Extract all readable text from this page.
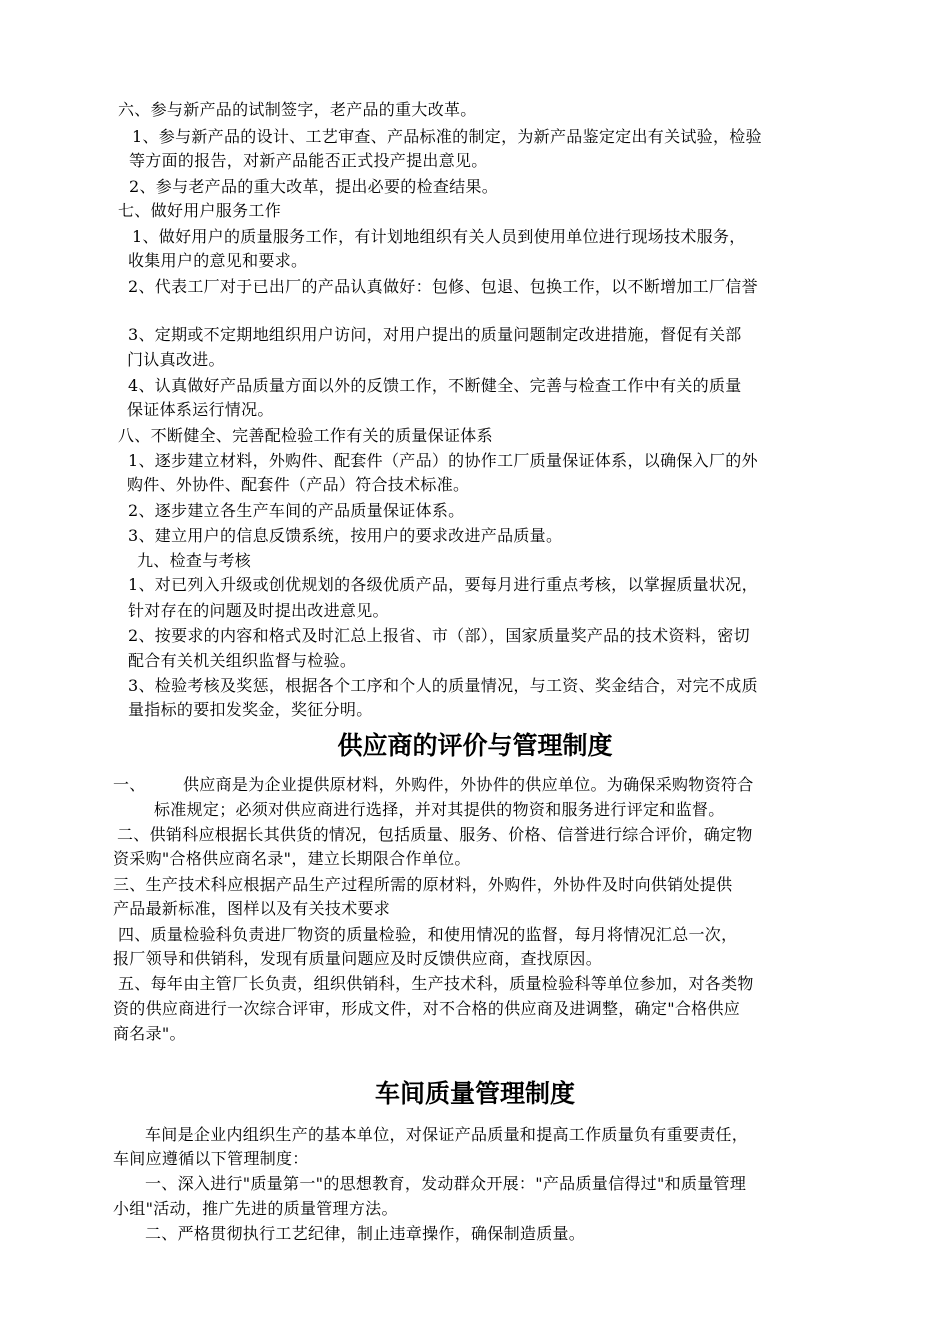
六、参与新产品的试制签字，老产品的重大改革。
1、参与新产品的设计、工艺审查、产品标准的制定，为新产品鉴定定出有关试验，检验
等方面的报告，对新产品能否正式投产提出意见。
2、参与老产品的重大改革，提出必要的检查结果。
七、做好用户服务工作
1、做好用户的质量服务工作，有计划地组织有关人员到使用单位进行现场技术服务，
收集用户的意见和要求。
2、代表工厂对于已出厂的产品认真做好：包修、包退、包换工作，以不断增加工厂信誉
3、定期或不定期地组织用户访问，对用户提出的质量问题制定改进措施，督促有关部
门认真改进。
4、认真做好产品质量方面以外的反馈工作，不断健全、完善与检查工作中有关的质量
保证体系运行情况。
八、不断健全、完善配检验工作有关的质量保证体系
1、逐步建立材料，外购件、配套件（产品）的协作工厂质量保证体系，以确保入厂的外
购件、外协件、配套件（产品）符合技术标准。
2、逐步建立各生产车间的产品质量保证体系。
3、建立用户的信息反馈系统，按用户的要求改进产品质量。
九、检查与考核
1、对已列入升级或创优规划的各级优质产品，要每月进行重点考核，以掌握质量状况，
针对存在的问题及时提出改进意见。
2、按要求的内容和格式及时汇总上报省、市（部），国家质量奖产品的技术资料，密切
配合有关机关组织监督与检验。
3、检验考核及奖惩，根据各个工序和个人的质量情况，与工资、奖金结合，对完不成质
量指标的要扣发奖金，奖征分明。
供应商的评价与管理制度
一、 供应商是为企业提供原材料，外购件，外协件的供应单位。为确保采购物资符合
标准规定；必须对供应商进行选择，并对其提供的物资和服务进行评定和监督。
二、供销科应根据长其供货的情况，包括质量、服务、价格、信誉进行综合评价，确定物
资采购"合格供应商名录"，建立长期限合作单位。
三、生产技术科应根据产品生产过程所需的原材料，外购件，外协件及时向供销处提供
产品最新标准，图样以及有关技术要求
四、质量检验科负责进厂物资的质量检验，和使用情况的监督，每月将情况汇总一次，
报厂领导和供销科，发现有质量问题应及时反馈供应商，查找原因。
五、每年由主管厂长负责，组织供销科，生产技术科，质量检验科等单位参加，对各类物
资的供应商进行一次综合评审，形成文件，对不合格的供应商及进调整，确定"合格供应
商名录"。
车间质量管理制度
车间是企业内组织生产的基本单位，对保证产品质量和提高工作质量负有重要责任，
车间应遵循以下管理制度：
一、深入进行"质量第一"的思想教育，发动群众开展："产品质量信得过"和质量管理
小组"活动，推广先进的质量管理方法。
二、严格贯彻执行工艺纪律，制止违章操作，确保制造质量。
